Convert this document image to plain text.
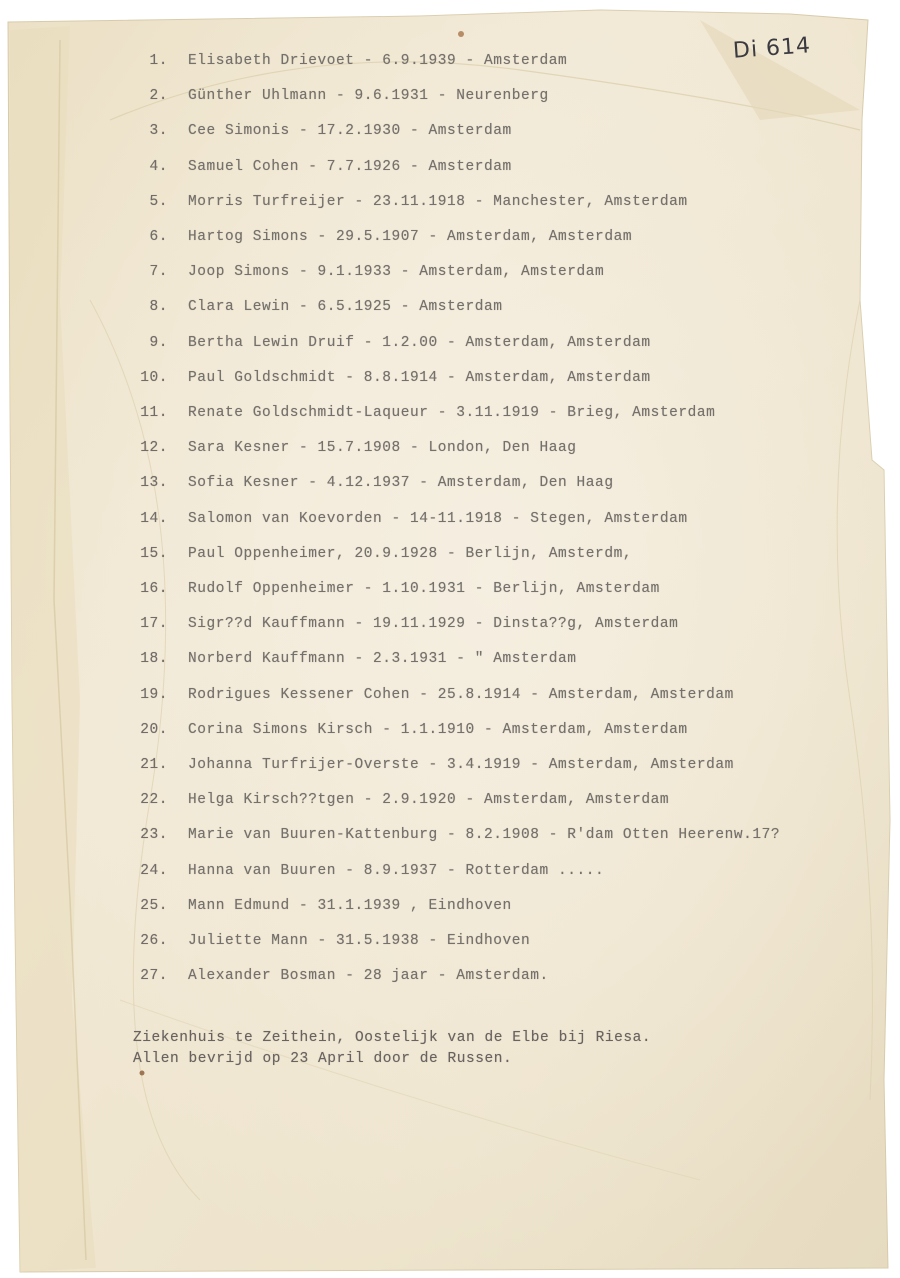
Di 614
1. Elisabeth Drievoet - 6.9.1939 - Amsterdam
2. Günther Uhlmann - 9.6.1931 - Neurenberg
3. Cee Simonis - 17.2.1930 - Amsterdam
4. Samuel Cohen - 7.7.1926 - Amsterdam
5. Morris Turfreijer - 23.11.1918 - Manchester, Amsterdam
6. Hartog Simons - 29.5.1907 - Amsterdam, Amsterdam
7. Joop Simons - 9.1.1933 - Amsterdam, Amsterdam
8. Clara Lewin - 6.5.1925 - Amsterdam
9. Bertha Lewin Druif - 1.2.00 - Amsterdam, Amsterdam
10. Paul Goldschmidt - 8.8.1914 - Amsterdam, Amsterdam
11. Renate Goldschmidt-Laqueur - 3.11.1919 - Brieg, Amsterdam
12. Sara Kesner - 15.7.1908 - London, Den Haag
13. Sofia Kesner - 4.12.1937 - Amsterdam, Den Haag
14. Salomon van Koevorden - 14-11.1918 - Stegen, Amsterdam
15. Paul Oppenheimer, 20.9.1928 - Berlijn, Amsterdm,
16. Rudolf Oppenheimer - 1.10.1931 - Berlijn, Amsterdam
17. Sigr??d Kauffmann - 19.11.1929 - Dinsta??g, Amsterdam
18. Norberd Kauffmann - 2.3.1931 - " Amsterdam
19. Rodrigues Kessener Cohen - 25.8.1914 - Amsterdam, Amsterdam
20. Corina Simons Kirsch - 1.1.1910 - Amsterdam, Amsterdam
21. Johanna Turfrijer-Overste - 3.4.1919 - Amsterdam, Amsterdam
22. Helga Kirsch??tgen - 2.9.1920 - Amsterdam, Amsterdam
23. Marie van Buuren-Kattenburg - 8.2.1908 - R'dam Otten Heerenw.17?
24. Hanna van Buuren - 8.9.1937 - Rotterdam .....
25. Mann Edmund - 31.1.1939 , Eindhoven
26. Juliette Mann - 31.5.1938 - Eindhoven
27. Alexander Bosman - 28 jaar - Amsterdam.
Ziekenhuis te Zeithein, Oostelijk van de Elbe bij Riesa.
Allen bevrijd op 23 April door de Russen.
